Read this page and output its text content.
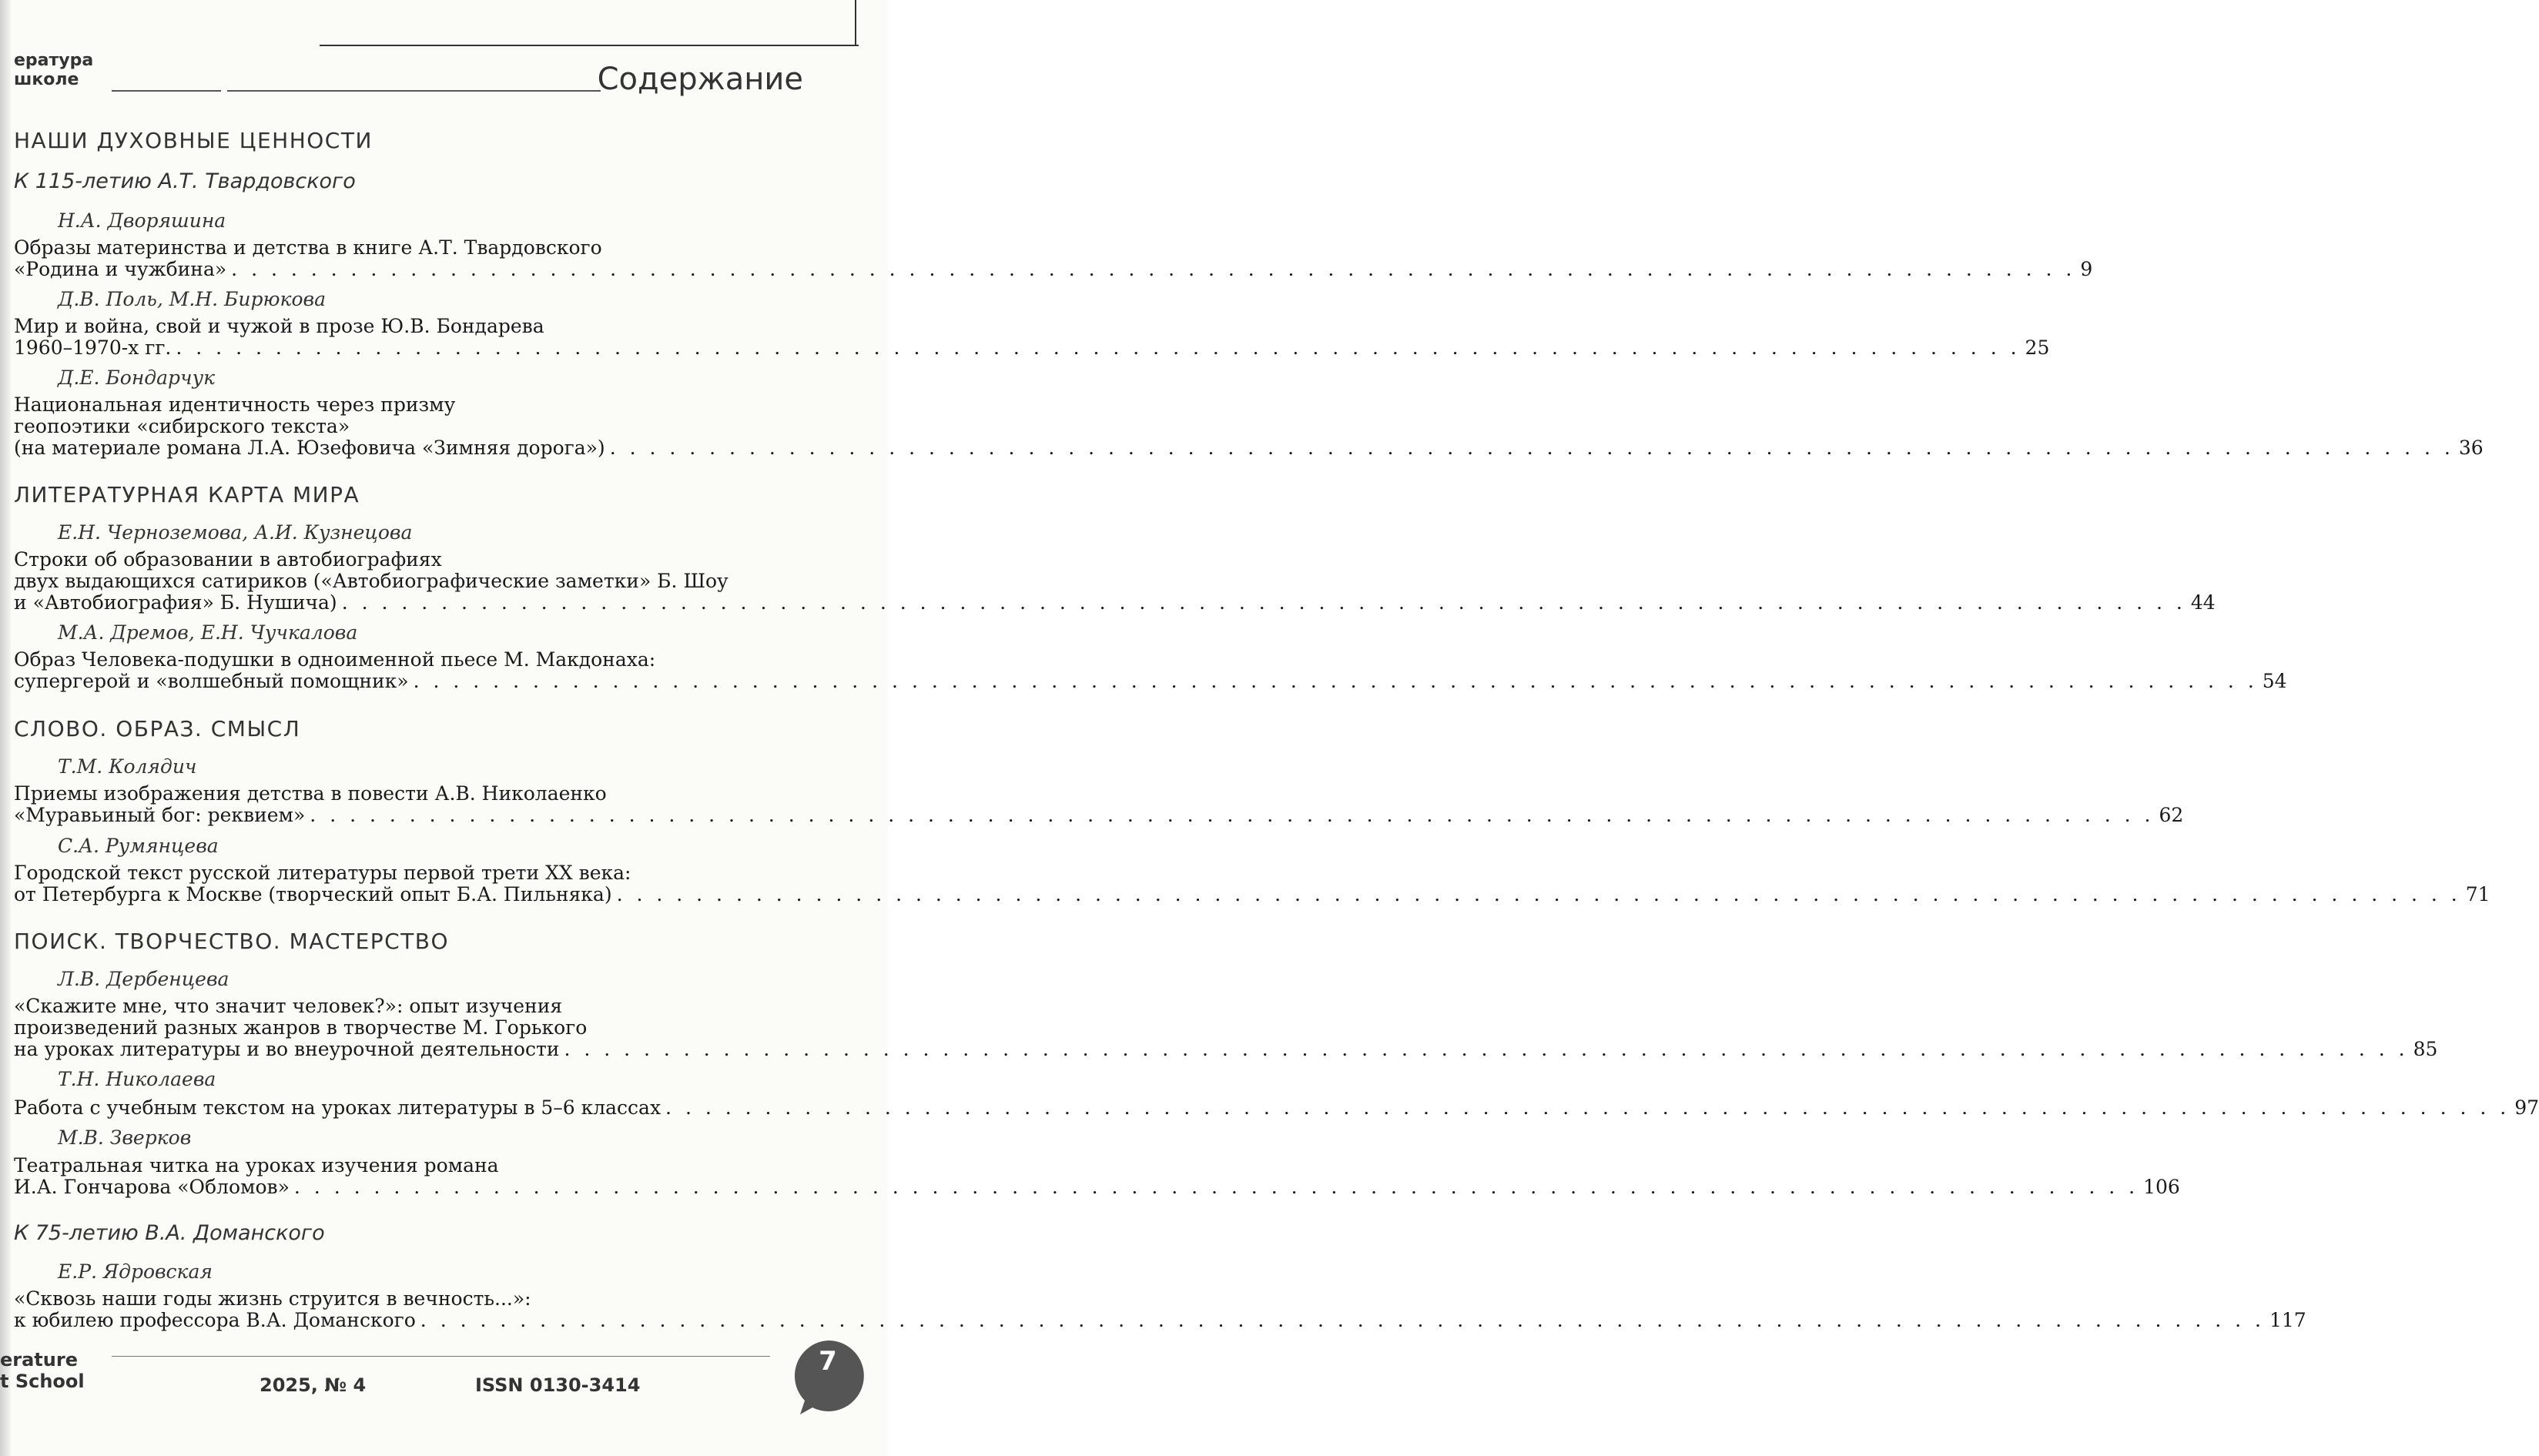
ература
школе	Содержание
НАШИ ДУХОВНЫЕ ЦЕННОСТИ
К 115-летию А.Т. Твардовского
Н.А. Дворяшина
Образы материнства и детства в книге А.Т. Твардовского
«Родина и чужбина» . . . . . . . . . . . . . . . . . . . . . . . . . . . . . . . . . . . . . . . . . . . . . . . . . . . . . . . . . . . . . . . . . . . . . . . . . . . . . . . . . . . . . . . . . . . . . 9
Д.В. Поль, М.Н. Бирюкова
Мир и война, свой и чужой в прозе Ю.В. Бондарева
1960–1970-х гг. . . . . . . . . . . . . . . . . . . . . . . . . . . . . . . . . . . . . . . . . . . . . . . . . . . . . . . . . . . . . . . . . . . . . . . . . . . . . . . . . . . . . . . . . . . . . . 25
Д.Е. Бондарчук
Национальная идентичность через призму
геопоэтики «сибирского текста»
(на материале романа Л.А. Юзефовича «Зимняя дорога») . . . . . . . . . . . . . . . . . . . . . . . . . . . . . . . . . . . . . . . . . . . . . . . . . . . . . . . . . . . . . . . . . . . . . . . . . . . . . . . . . . . . . . . . . . . . . 36
ЛИТЕРАТУРНАЯ КАРТА МИРА
Е.Н. Черноземова, А.И. Кузнецова
Строки об образовании в автобиографиях
двух выдающихся сатириков («Автобиографические заметки» Б. Шоу
и «Автобиография» Б. Нушича) . . . . . . . . . . . . . . . . . . . . . . . . . . . . . . . . . . . . . . . . . . . . . . . . . . . . . . . . . . . . . . . . . . . . . . . . . . . . . . . . . . . . . . . . . . . . . 44
М.А. Дремов, Е.Н. Чучкалова
Образ Человека-подушки в одноименной пьесе М. Макдонаха:
супергерой и «волшебный помощник» . . . . . . . . . . . . . . . . . . . . . . . . . . . . . . . . . . . . . . . . . . . . . . . . . . . . . . . . . . . . . . . . . . . . . . . . . . . . . . . . . . . . . . . . . . . . . 54
СЛОВО. ОБРАЗ. СМЫСЛ
Т.М. Колядич
Приемы изображения детства в повести А.В. Николаенко
«Муравьиный бог: реквием» . . . . . . . . . . . . . . . . . . . . . . . . . . . . . . . . . . . . . . . . . . . . . . . . . . . . . . . . . . . . . . . . . . . . . . . . . . . . . . . . . . . . . . . . . . . . . 62
С.А. Румянцева
Городской текст русской литературы первой трети XX века:
от Петербурга к Москве (творческий опыт Б.А. Пильняка) . . . . . . . . . . . . . . . . . . . . . . . . . . . . . . . . . . . . . . . . . . . . . . . . . . . . . . . . . . . . . . . . . . . . . . . . . . . . . . . . . . . . . . . . . . . . . 71
ПОИСК. ТВОРЧЕСТВО. МАСТЕРСТВО
Л.В. Дербенцева
«Скажите мне, что значит человек?»: опыт изучения
произведений разных жанров в творчестве М. Горького
на уроках литературы и во внеурочной деятельности . . . . . . . . . . . . . . . . . . . . . . . . . . . . . . . . . . . . . . . . . . . . . . . . . . . . . . . . . . . . . . . . . . . . . . . . . . . . . . . . . . . . . . . . . . . . . 85
Т.Н. Николаева
Работа с учебным текстом на уроках литературы в 5–6 классах . . . . . . . . . . . . . . . . . . . . . . . . . . . . . . . . . . . . . . . . . . . . . . . . . . . . . . . . . . . . . . . . . . . . . . . . . . . . . . . . . . . . . . . . . . . . . 97
М.В. Зверков
Театральная читка на уроках изучения романа
И.А. Гончарова «Обломов» . . . . . . . . . . . . . . . . . . . . . . . . . . . . . . . . . . . . . . . . . . . . . . . . . . . . . . . . . . . . . . . . . . . . . . . . . . . . . . . . . . . . . . . . . . . . . 106
К 75-летию В.А. Доманского
Е.Р. Ядровская
«Сквозь наши годы жизнь струится в вечность...»:
к юбилею профессора В.А. Доманского . . . . . . . . . . . . . . . . . . . . . . . . . . . . . . . . . . . . . . . . . . . . . . . . . . . . . . . . . . . . . . . . . . . . . . . . . . . . . . . . . . . . . . . . . . . . . 117
erature
t School	2025, № 4	ISSN 0130-3414
7
